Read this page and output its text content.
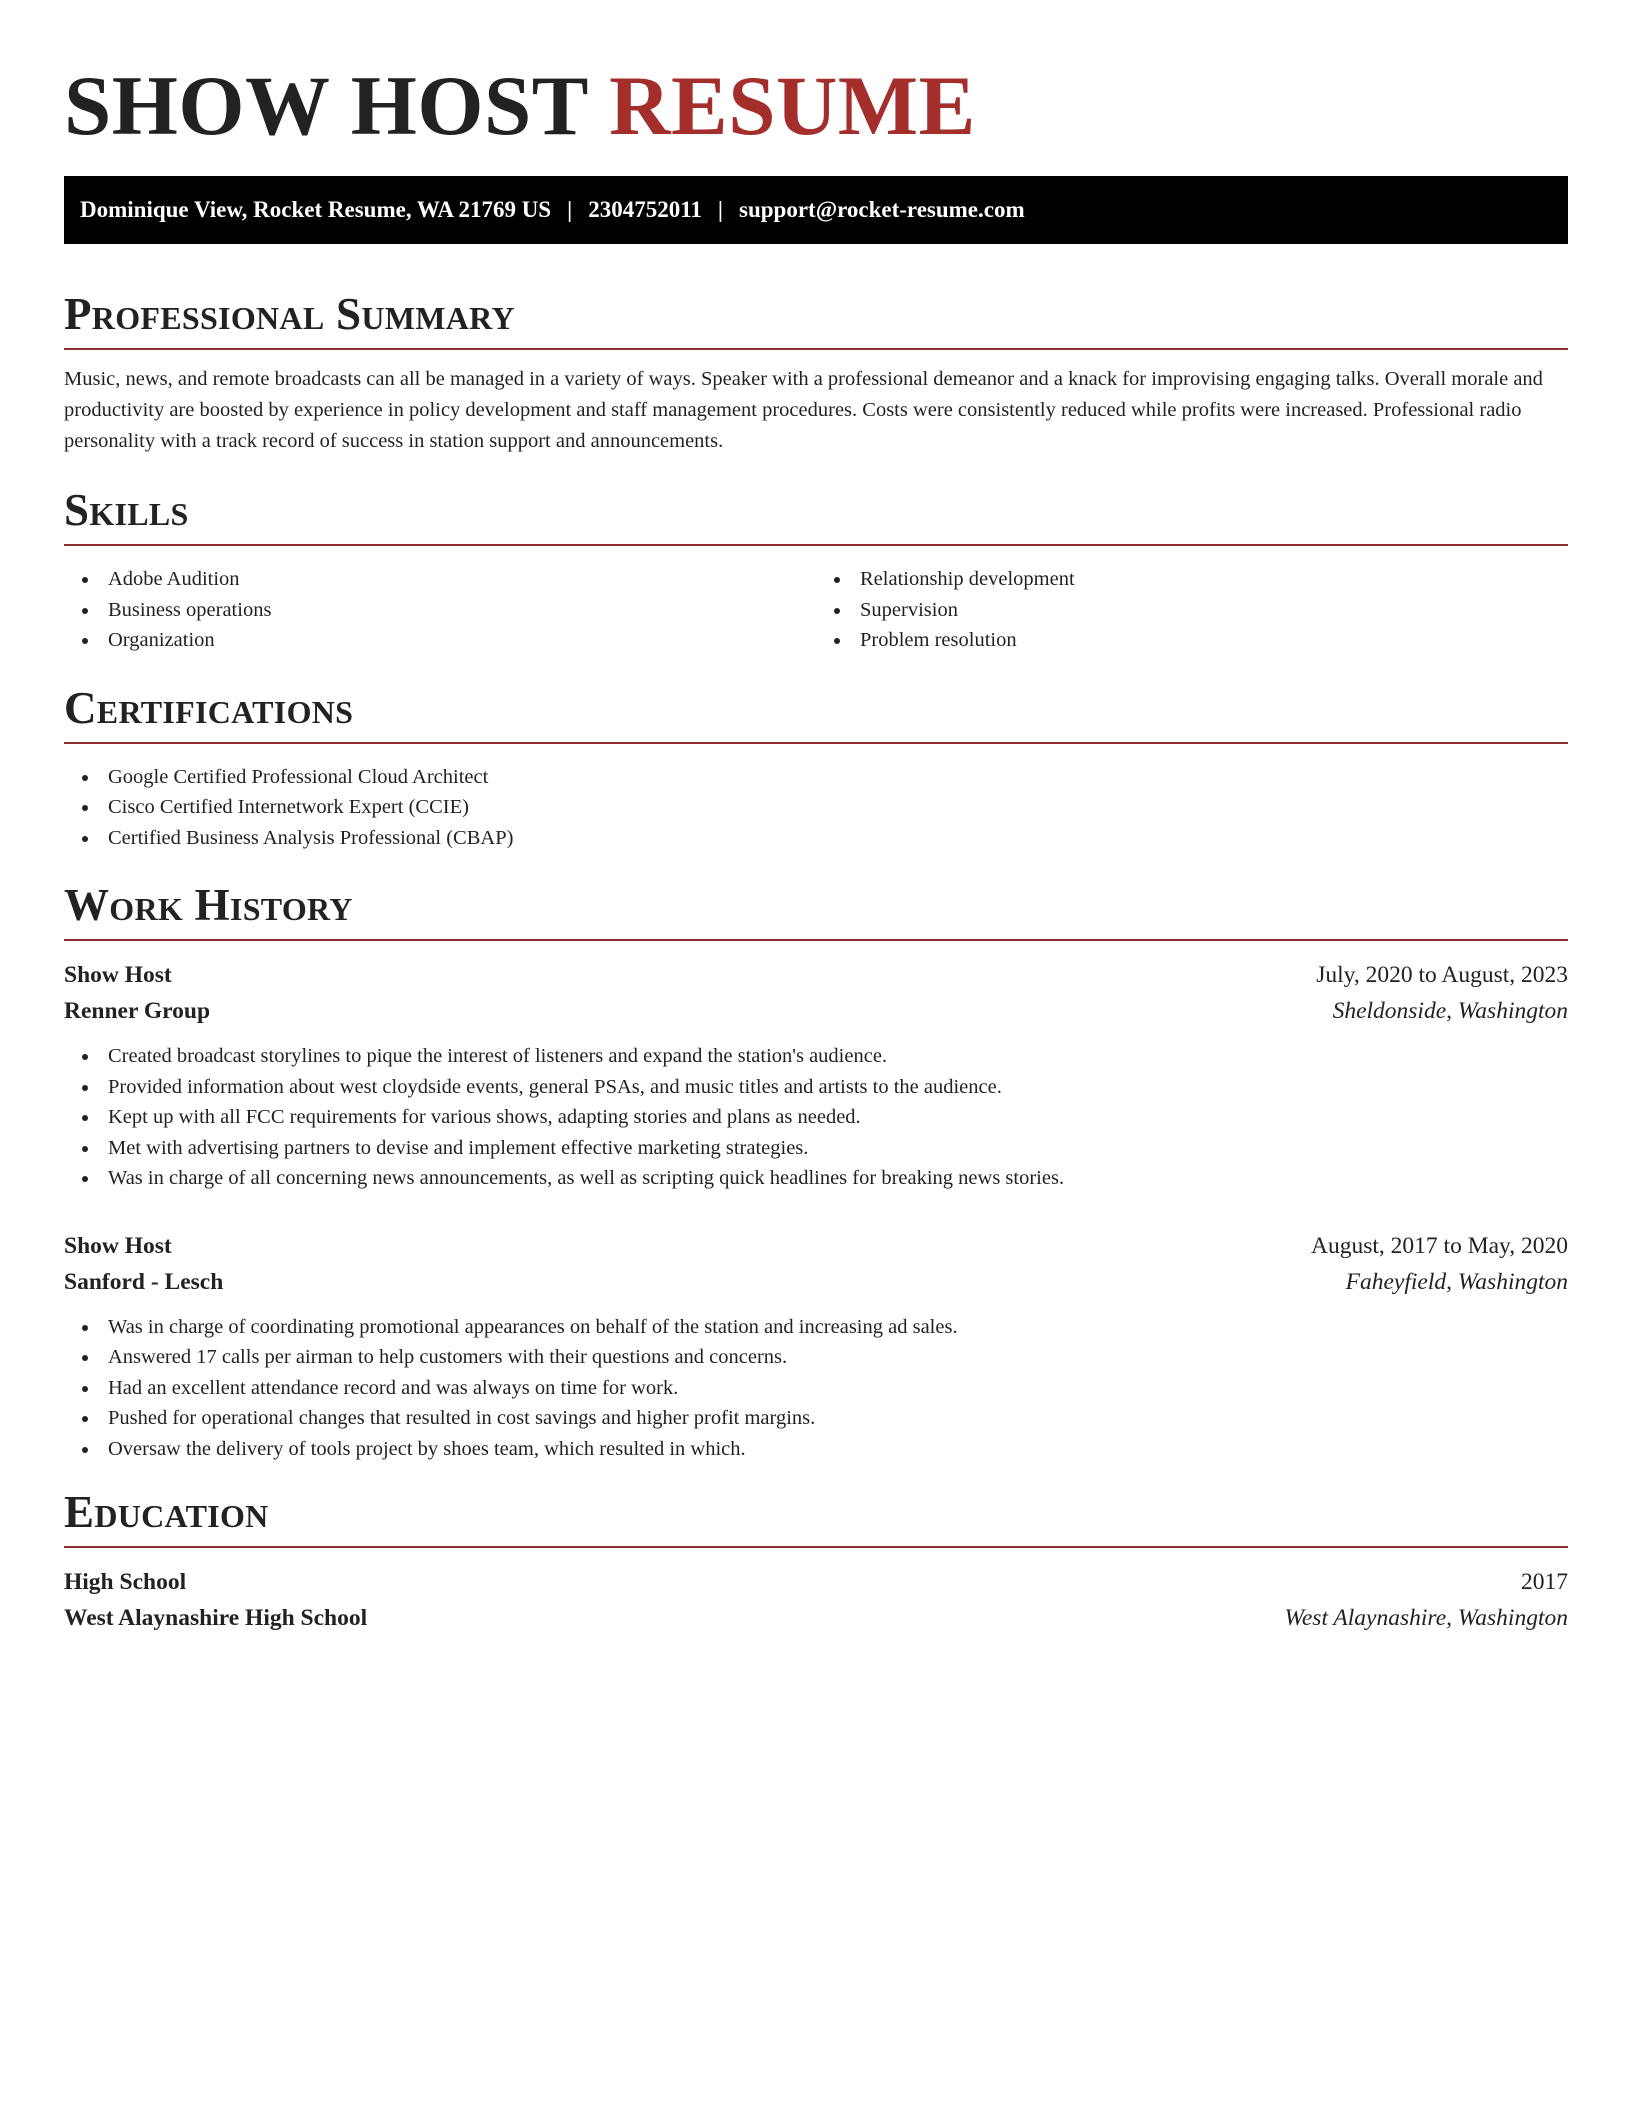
SHOW HOST RESUME
Dominique View, Rocket Resume, WA 21769 US | 2304752011 | support@rocket-resume.com
Professional Summary

Music, news, and remote broadcasts can all be managed in a variety of ways. Speaker with a professional demeanor and a knack for improvising engaging talks. Overall morale and productivity are boosted by experience in policy development and staff management procedures. Costs were consistently reduced while profits were increased. Professional radio personality with a track record of success in station support and announcements.

Skills
Adobe Audition
Business operations
Organization
Relationship development
Supervision
Problem resolution
Certifications
Google Certified Professional Cloud Architect
Cisco Certified Internetwork Expert (CCIE)
Certified Business Analysis Professional (CBAP)
Work History
Show Host	July, 2020 to August, 2023
Renner Group	Sheldonside, Washington
Created broadcast storylines to pique the interest of listeners and expand the station's audience.
Provided information about west cloydside events, general PSAs, and music titles and artists to the audience.
Kept up with all FCC requirements for various shows, adapting stories and plans as needed.
Met with advertising partners to devise and implement effective marketing strategies.
Was in charge of all concerning news announcements, as well as scripting quick headlines for breaking news stories.
Show Host	August, 2017 to May, 2020
Sanford - Lesch	Faheyfield, Washington
Was in charge of coordinating promotional appearances on behalf of the station and increasing ad sales.
Answered 17 calls per airman to help customers with their questions and concerns.
Had an excellent attendance record and was always on time for work.
Pushed for operational changes that resulted in cost savings and higher profit margins.
Oversaw the delivery of tools project by shoes team, which resulted in which.
Education
High School	2017
West Alaynashire High School	West Alaynashire, Washington
